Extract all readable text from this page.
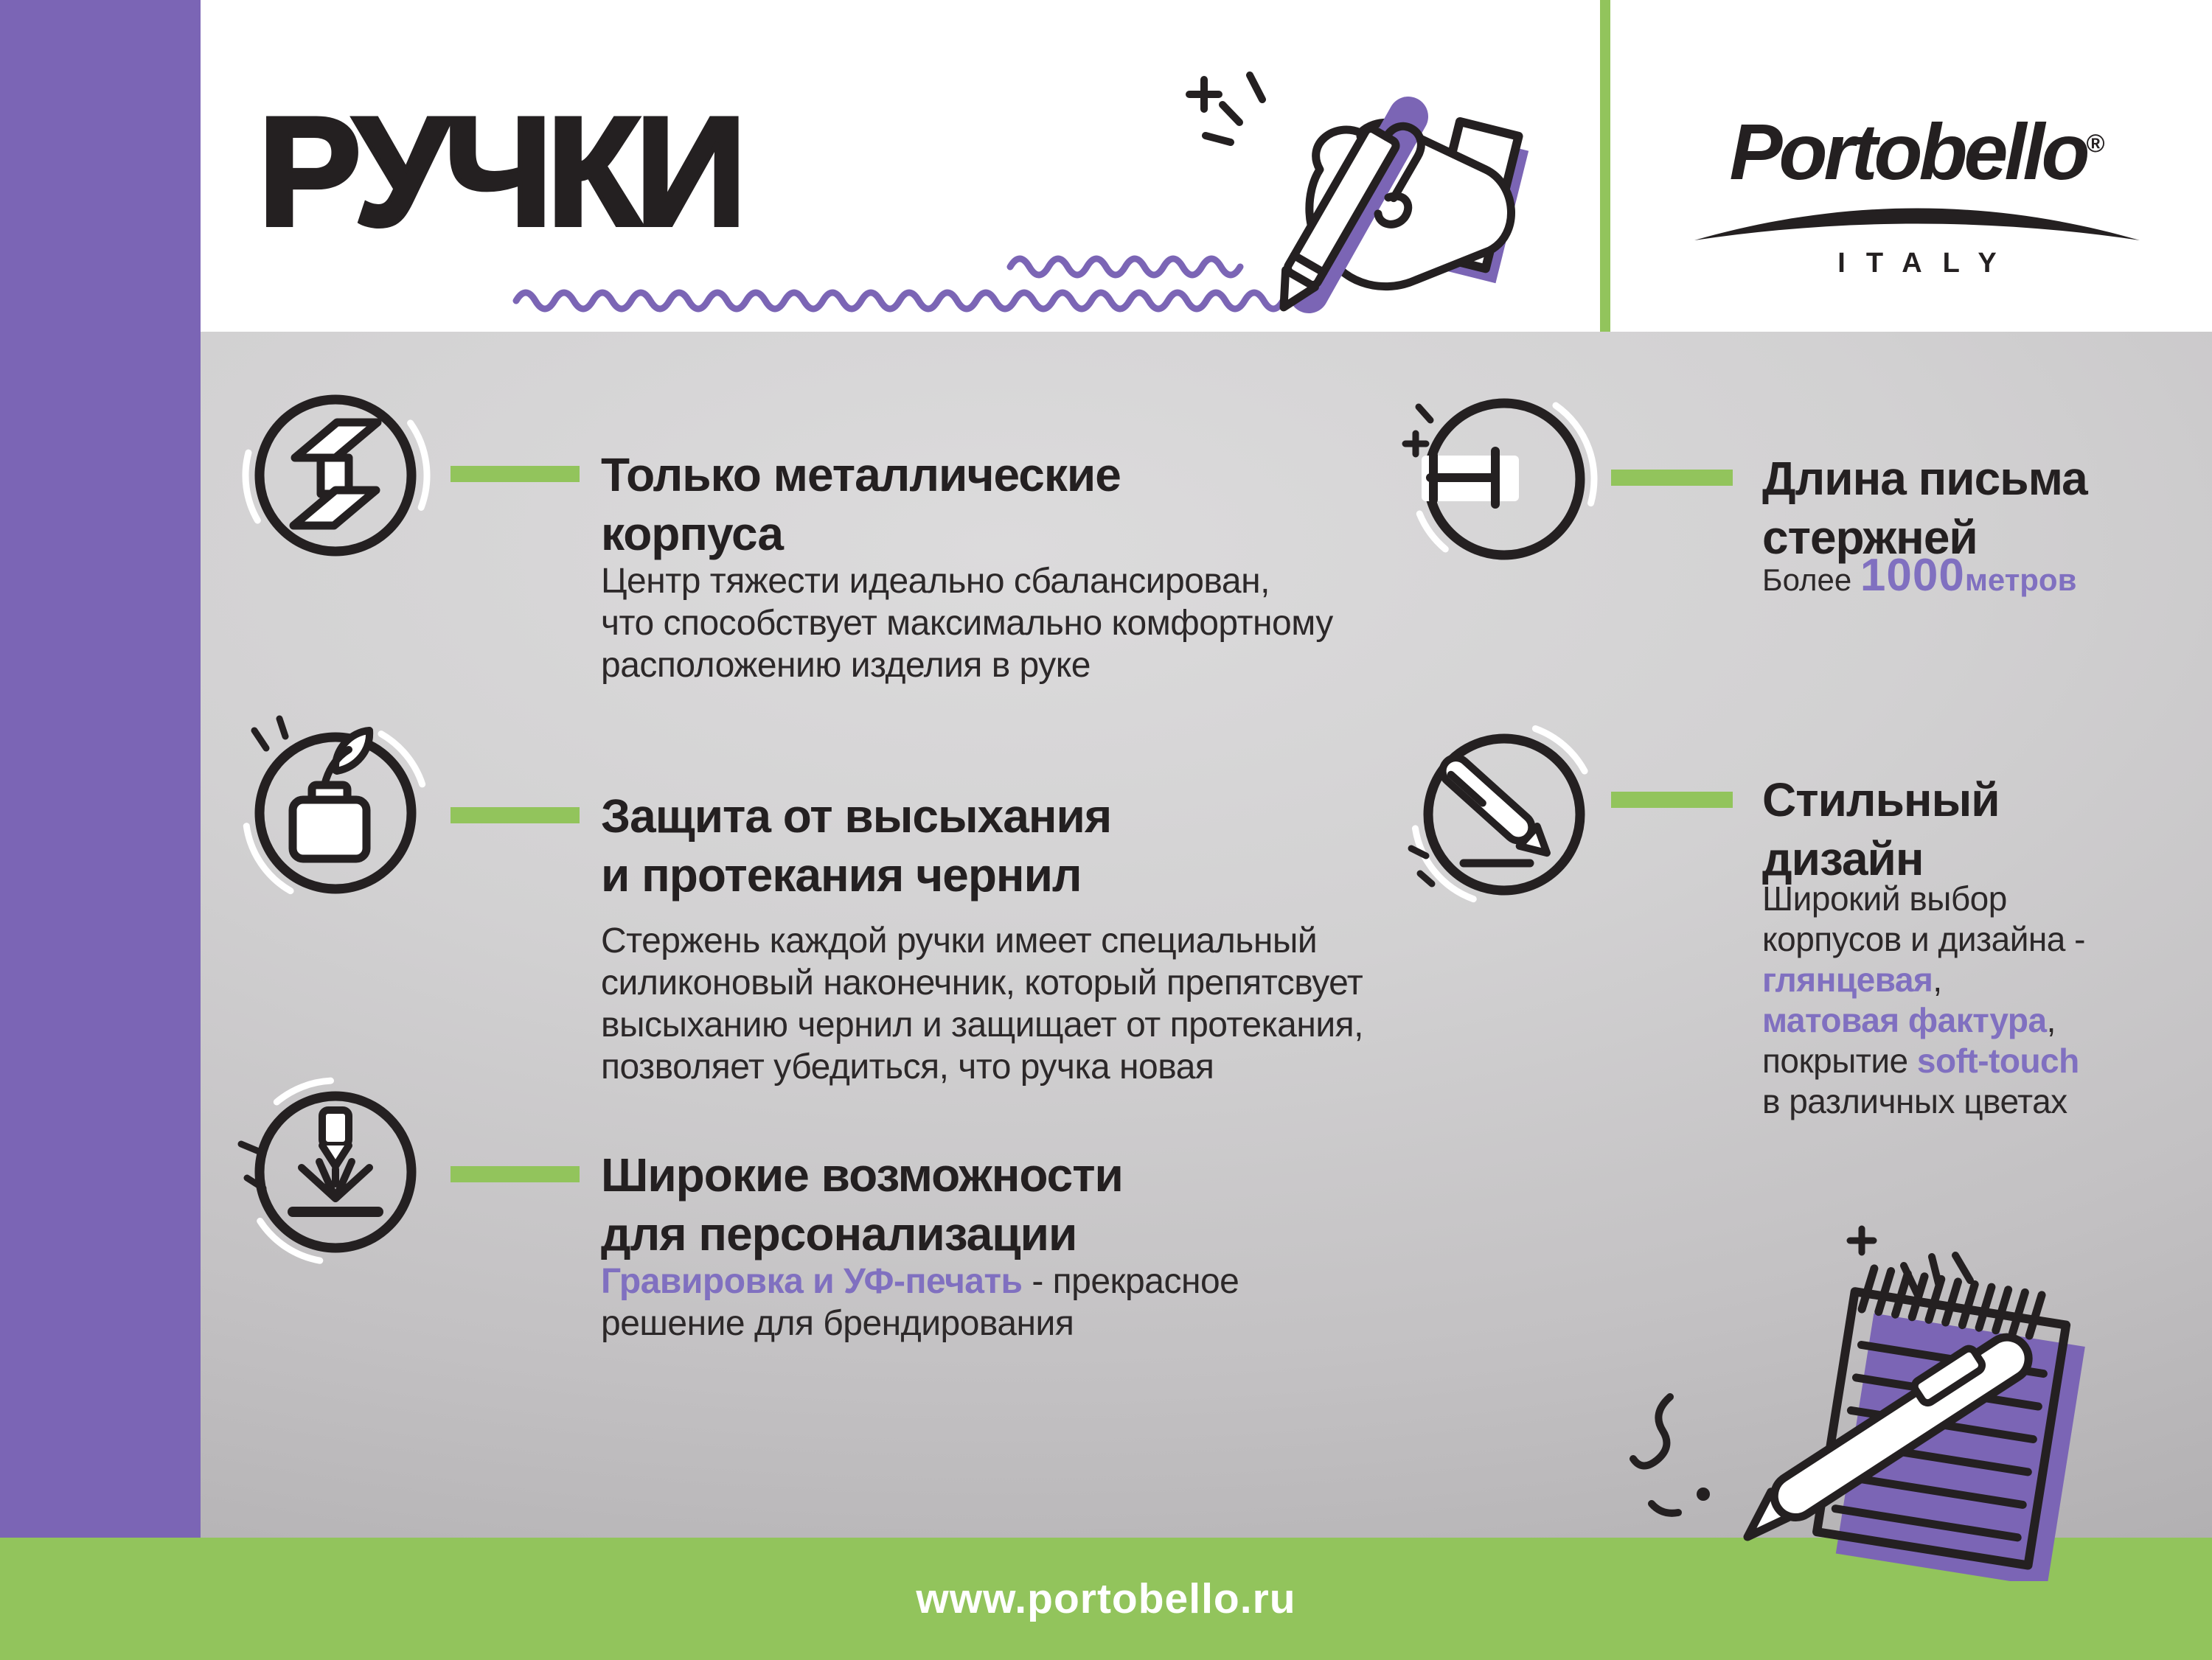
РУЧКИ	Portobello®
ITALY
Только металлические
корпуса
Центр тяжести идеально сбалансирован,
что способствует максимально комфортному
расположению изделия в руке
Защита от высыхания
и протекания чернил
Стержень каждой ручки имеет специальный
силиконовый наконечник, который препятсвует
высыханию чернил и защищает от протекания,
позволяет убедиться, что ручка новая
Широкие возможности
для персонализации
Гравировка и УФ-печать - прекрасное
решение для брендирования
Длина письма
стержней
Более 1000метров
Стильный
дизайн
Широкий выбор
корпусов и дизайна -
глянцевая,
матовая фактура,
покрытие soft-touch
в различных цветах
www.portobello.ru
